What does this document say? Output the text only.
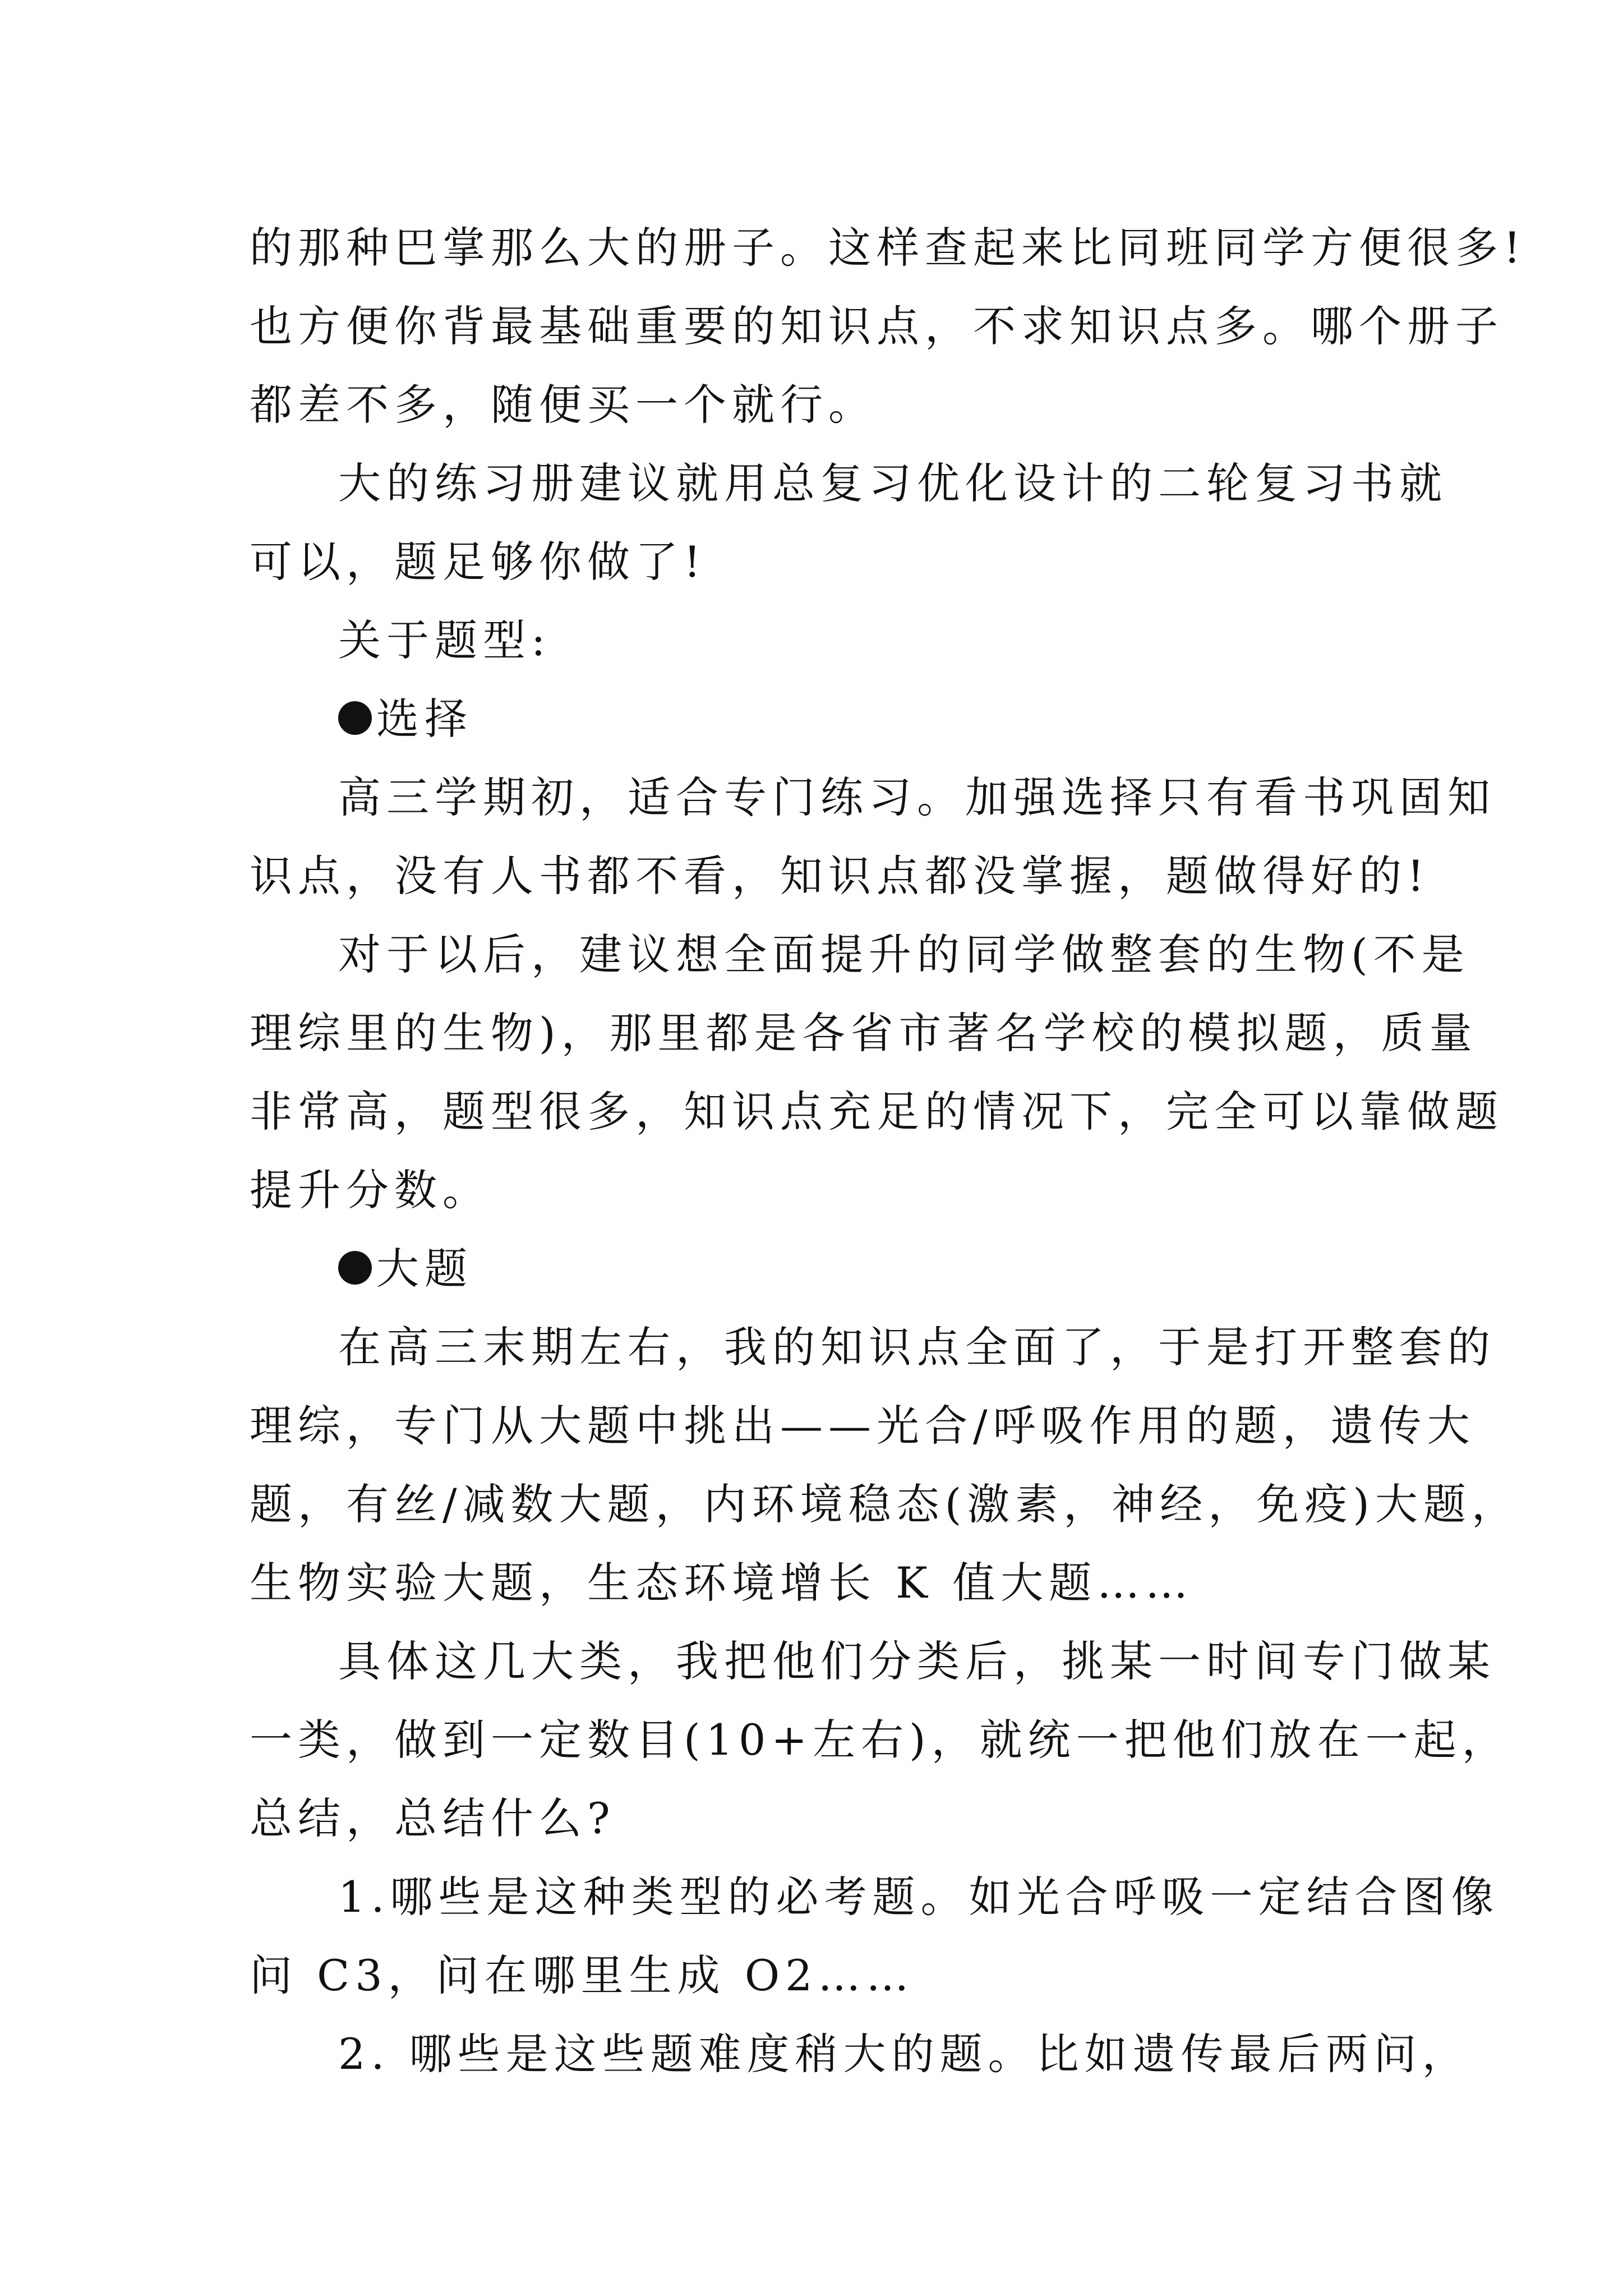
的那种巴掌那么大的册子。这样查起来比同班同学方便很多!
也方便你背最基础重要的知识点，不求知识点多。哪个册子
都差不多，随便买一个就行。
大的练习册建议就用总复习优化设计的二轮复习书就
可以，题足够你做了!
关于题型:
选择
高三学期初，适合专门练习。加强选择只有看书巩固知
识点，没有人书都不看，知识点都没掌握，题做得好的!
对于以后，建议想全面提升的同学做整套的生物(不是
理综里的生物)，那里都是各省市著名学校的模拟题，质量
非常高，题型很多，知识点充足的情况下，完全可以靠做题
提升分数。
大题
在高三末期左右，我的知识点全面了，于是打开整套的
理综，专门从大题中挑出——光合/呼吸作用的题，遗传大
题，有丝/减数大题，内环境稳态(激素，神经，免疫)大题，
生物实验大题，生态环境增长 K 值大题……
具体这几大类，我把他们分类后，挑某一时间专门做某
一类，做到一定数目(10+左右)，就统一把他们放在一起，
总结，总结什么?
1.哪些是这种类型的必考题。如光合呼吸一定结合图像
问 C3，问在哪里生成 O2……
2. 哪些是这些题难度稍大的题。比如遗传最后两问，
